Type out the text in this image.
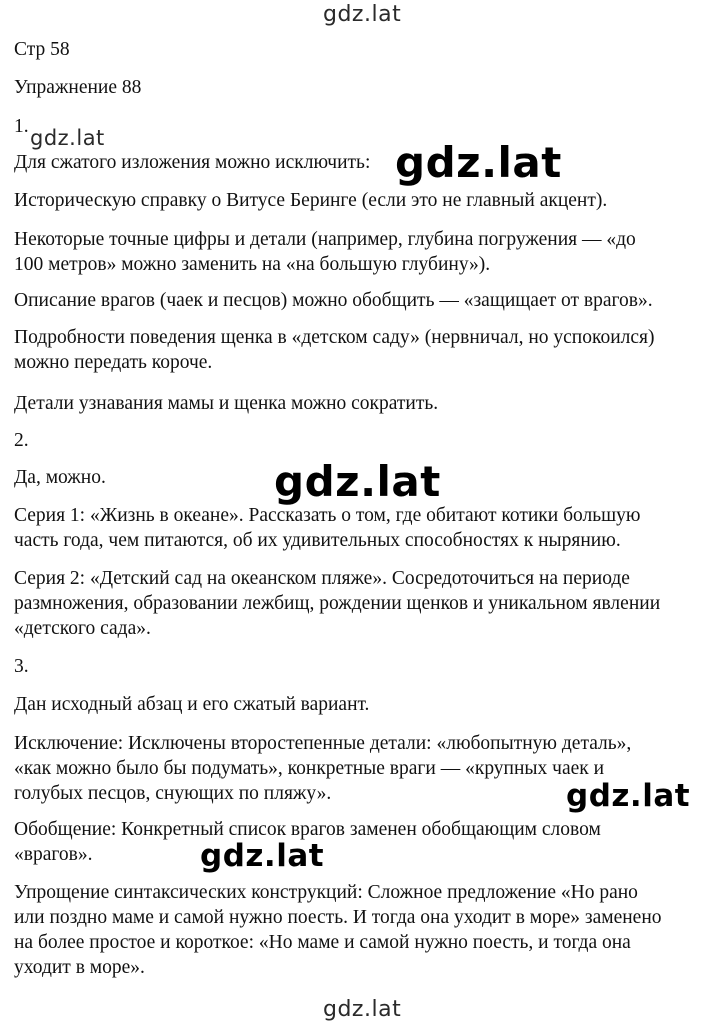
gdz.lat
gdz.lat
gdz.lat

Стр 58

Упражнение 88

1.

Для сжатого изложения можно исключить:

Историческую справку о Витусе Беринге (если это не главный акцент).

Некоторые точные цифры и детали (например, глубина погружения — «до
100 метров» можно заменить на «на большую глубину»).

Описание врагов (чаек и песцов) можно обобщить — «защищает от врагов».

Подробности поведения щенка в «детском саду» (нервничал, но успокоился)
можно передать короче.

Детали узнавания мамы и щенка можно сократить.

2.

Да, можно.

Серия 1: «Жизнь в океане». Рассказать о том, где обитают котики большую
часть года, чем питаются, об их удивительных способностях к нырянию.

Серия 2: «Детский сад на океанском пляже». Сосредоточиться на периоде
размножения, образовании лежбищ, рождении щенков и уникальном явлении
«детского сада».

3.

Дан исходный абзац и его сжатый вариант.

Исключение: Исключены второстепенные детали: «любопытную деталь»,
«как можно было бы подумать», конкретные враги — «крупных чаек и
голубых песцов, снующих по пляжу».

Обобщение: Конкретный список врагов заменен обобщающим словом
«врагов».

Упрощение синтаксических конструкций: Сложное предложение «Но рано
или поздно маме и самой нужно поесть. И тогда она уходит в море» заменено
на более простое и короткое: «Но маме и самой нужно поесть, и тогда она
уходит в море».

gdz.lat
gdz.lat
gdz.lat
gdz.lat
